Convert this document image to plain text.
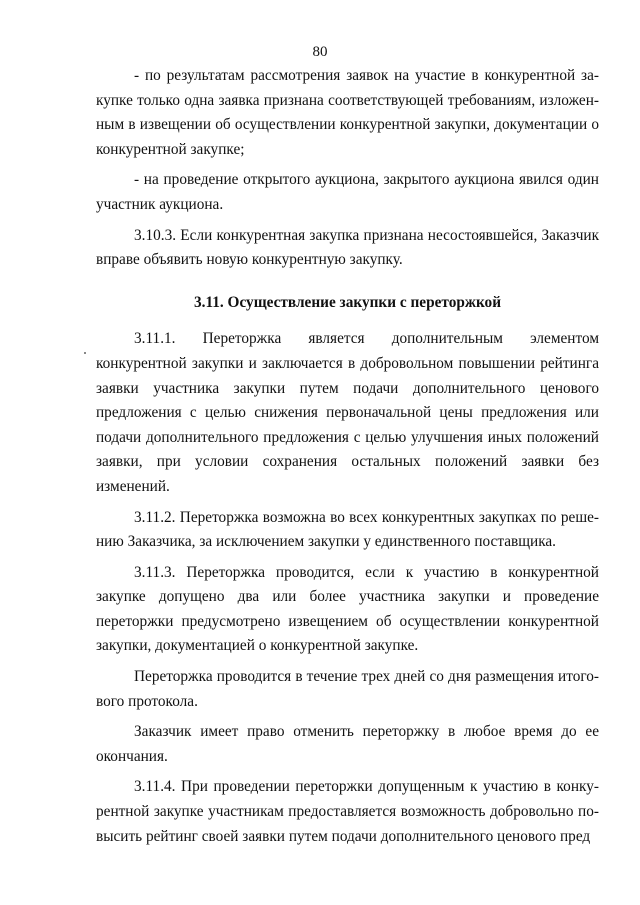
80

- по результатам рассмотрения заявок на участие в конкурентной закупке только одна заявка признана соответствующей требованиям, изложенным в извещении об осуществлении конкурентной закупки, документации о конкурентной закупке;

- на проведение открытого аукциона, закрытого аукциона явился один участник аукциона.

3.10.3. Если конкурентная закупка признана несостоявшейся, Заказчик вправе объявить новую конкурентную закупку.

3.11. Осуществление закупки с переторжкой

3.11.1. Переторжка является дополнительным элементом конкурентной закупки и заключается в добровольном повышении рейтинга заявки участника закупки путем подачи дополнительного ценового предложения с целью снижения первоначальной цены предложения или подачи дополнительного предложения с целью улучшения иных положений заявки, при условии сохранения остальных положений заявки без изменений.

3.11.2. Переторжка возможна во всех конкурентных закупках по решению Заказчика, за исключением закупки у единственного поставщика.

3.11.3. Переторжка проводится, если к участию в конкурентной закупке допущено два или более участника закупки и проведение переторжки предусмотрено извещением об осуществлении конкурентной закупки, документацией о конкурентной закупке.

Переторжка проводится в течение трех дней со дня размещения итогового протокола.

Заказчик имеет право отменить переторжку в любое время до ее окончания.

3.11.4. При проведении переторжки допущенным к участию в конкурентной закупке участникам предоставляется возможность добровольно повысить рейтинг своей заявки путем подачи дополнительного ценового пред
